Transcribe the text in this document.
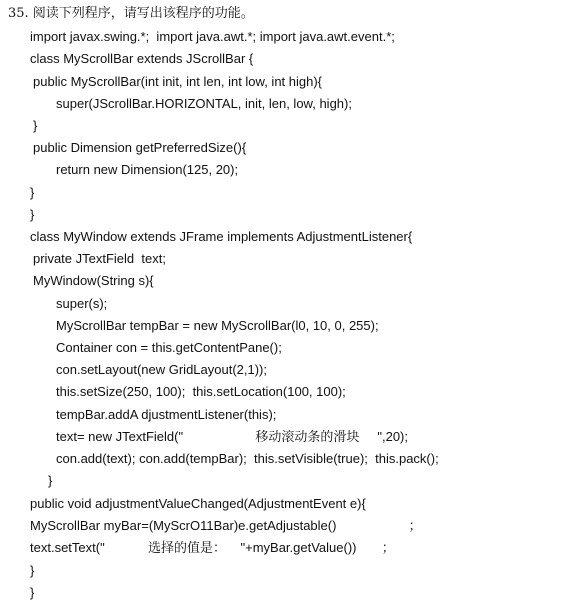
35. 阅读下列程序，请写出该程序的功能。
import javax.swing.*;  import java.awt.*; import java.awt.event.*;
class MyScrollBar extends JScrollBar {
public MyScrollBar(int init, int len, int low, int high){
super(JScrollBar.HORIZONTAL, init, len, low, high);
}
public Dimension getPreferredSize(){
return new Dimension(125, 20);
}
}
class MyWindow extends JFrame implements AdjustmentListener{
private JTextField  text;
MyWindow(String s){
super(s);
MyScrollBar tempBar = new MyScrollBar(l0, 10, 0, 255);
Container con = this.getContentPane();
con.setLayout(new GridLayout(2,1));
this.setSize(250, 100);  this.setLocation(100, 100);
tempBar.addA djustmentListener(this);
text= new JTextField("                    移动滚动条的滑块     ",20);
con.add(text); con.add(tempBar);  this.setVisible(true);  this.pack();
}
public void adjustmentValueChanged(AdjustmentEvent e){
MyScrollBar myBar=(MyScrO11Bar)e.getAdjustable()                    ；
text.setText("            选择的值是：    "+myBar.getValue())       ；
}
}
